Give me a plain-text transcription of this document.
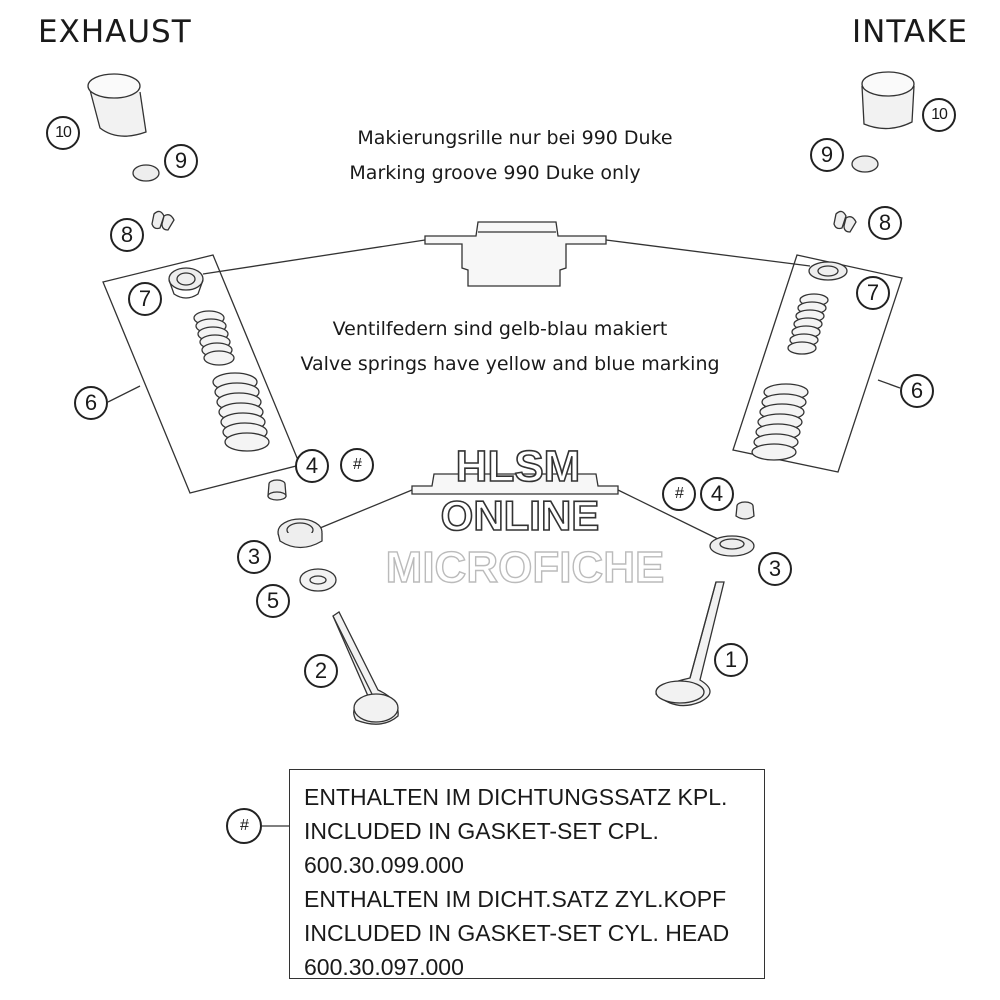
EXHAUST	INTAKE
Makierungsrille nur bei 990 Duke
Marking groove 990 Duke only
Ventilfedern sind gelb-blau makiert
Valve springs have yellow and blue marking
10
9
8
7
6
4	#
3
5
2
10
9
8
7
6
#	4
3
1
HLSM
ONLINE
MICROFICHE
#
ENTHALTEN IM DICHTUNGSSATZ KPL.
INCLUDED IN GASKET-SET CPL.
600.30.099.000
ENTHALTEN IM DICHT.SATZ ZYL.KOPF
INCLUDED IN GASKET-SET CYL. HEAD
600.30.097.000
